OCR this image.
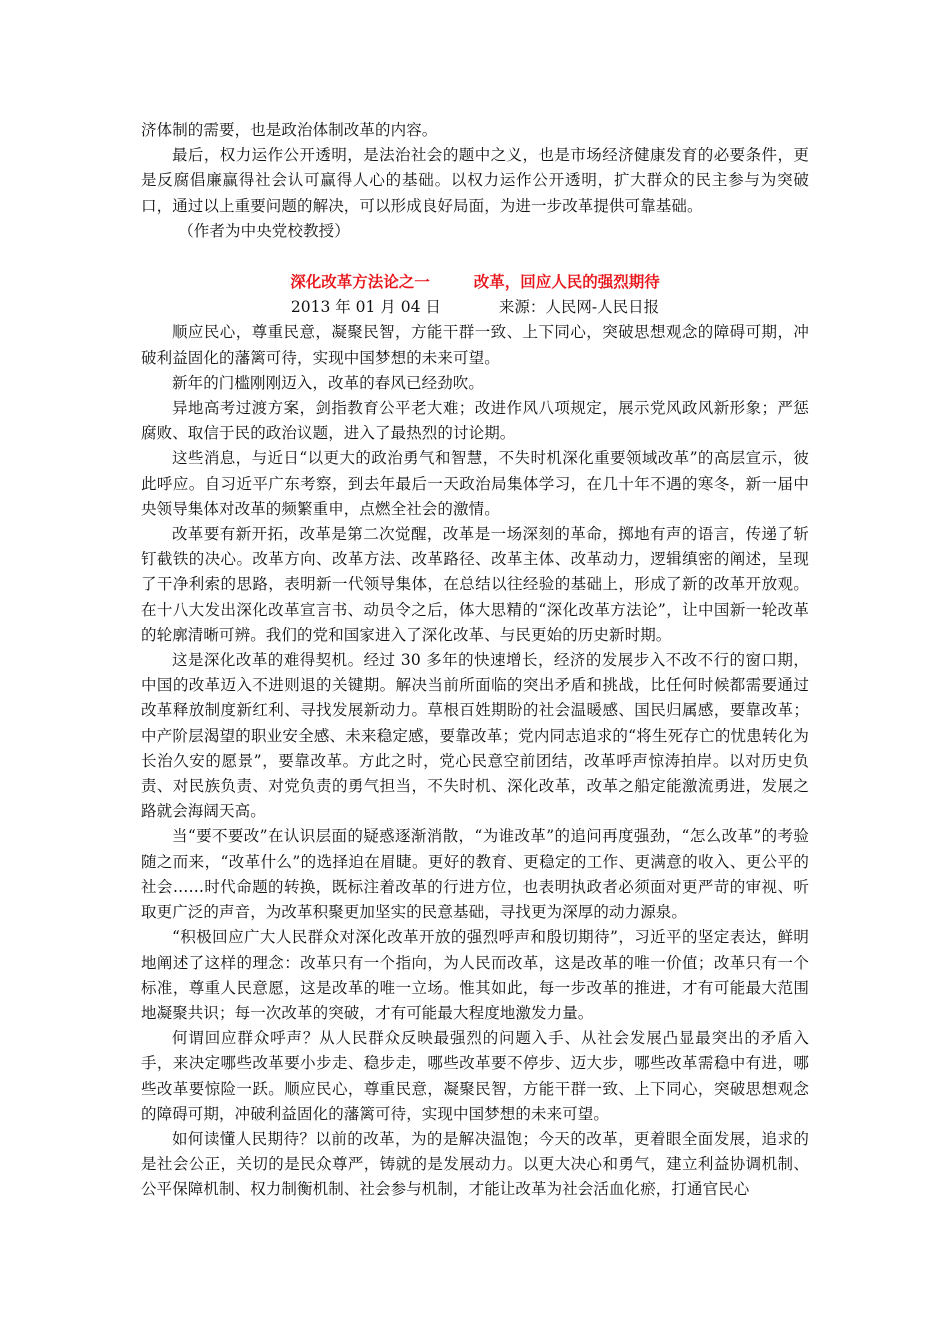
济体制的需要，也是政治体制改革的内容。

最后，权力运作公开透明，是法治社会的题中之义，也是市场经济健康发育的必要条件，更是反腐倡廉赢得社会认可赢得人心的基础。以权力运作公开透明，扩大群众的民主参与为突破口，通过以上重要问题的解决，可以形成良好局面，为进一步改革提供可靠基础。

（作者为中央党校教授）

深化改革方法论之一	改革，回应人民的强烈期待

2013 年 01 月 04 日	来源：人民网-人民日报

顺应民心，尊重民意，凝聚民智，方能干群一致、上下同心，突破思想观念的障碍可期，冲破利益固化的藩篱可待，实现中国梦想的未来可望。

新年的门槛刚刚迈入，改革的春风已经劲吹。

异地高考过渡方案，剑指教育公平老大难；改进作风八项规定，展示党风政风新形象；严惩腐败、取信于民的政治议题，进入了最热烈的讨论期。

这些消息，与近日“以更大的政治勇气和智慧，不失时机深化重要领域改革”的高层宣示，彼此呼应。自习近平广东考察，到去年最后一天政治局集体学习，在几十年不遇的寒冬，新一届中央领导集体对改革的频繁重申，点燃全社会的激情。

改革要有新开拓，改革是第二次觉醒，改革是一场深刻的革命，掷地有声的语言，传递了斩钉截铁的决心。改革方向、改革方法、改革路径、改革主体、改革动力，逻辑缜密的阐述，呈现了干净利索的思路，表明新一代领导集体，在总结以往经验的基础上，形成了新的改革开放观。在十八大发出深化改革宣言书、动员令之后，体大思精的“深化改革方法论”，让中国新一轮改革的轮廓清晰可辨。我们的党和国家进入了深化改革、与民更始的历史新时期。

这是深化改革的难得契机。经过 30 多年的快速增长，经济的发展步入不改不行的窗口期，中国的改革迈入不进则退的关键期。解决当前所面临的突出矛盾和挑战，比任何时候都需要通过改革释放制度新红利、寻找发展新动力。草根百姓期盼的社会温暖感、国民归属感，要靠改革；中产阶层渴望的职业安全感、未来稳定感，要靠改革；党内同志追求的“将生死存亡的忧患转化为长治久安的愿景”，要靠改革。方此之时，党心民意空前团结，改革呼声惊涛拍岸。以对历史负责、对民族负责、对党负责的勇气担当，不失时机、深化改革，改革之船定能激流勇进，发展之路就会海阔天高。

当“要不要改”在认识层面的疑惑逐渐消散，“为谁改革”的追问再度强劲，“怎么改革”的考验随之而来，“改革什么”的选择迫在眉睫。更好的教育、更稳定的工作、更满意的收入、更公平的社会……时代命题的转换，既标注着改革的行进方位，也表明执政者必须面对更严苛的审视、听取更广泛的声音，为改革积聚更加坚实的民意基础，寻找更为深厚的动力源泉。

“积极回应广大人民群众对深化改革开放的强烈呼声和殷切期待”，习近平的坚定表达，鲜明地阐述了这样的理念：改革只有一个指向，为人民而改革，这是改革的唯一价值；改革只有一个标准，尊重人民意愿，这是改革的唯一立场。惟其如此，每一步改革的推进，才有可能最大范围地凝聚共识；每一次改革的突破，才有可能最大程度地激发力量。

何谓回应群众呼声？从人民群众反映最强烈的问题入手、从社会发展凸显最突出的矛盾入手，来决定哪些改革要小步走、稳步走，哪些改革要不停步、迈大步，哪些改革需稳中有进，哪些改革要惊险一跃。顺应民心，尊重民意，凝聚民智，方能干群一致、上下同心，突破思想观念的障碍可期，冲破利益固化的藩篱可待，实现中国梦想的未来可望。

如何读懂人民期待？以前的改革，为的是解决温饱；今天的改革，更着眼全面发展，追求的是社会公正，关切的是民众尊严，铸就的是发展动力。以更大决心和勇气，建立利益协调机制、公平保障机制、权力制衡机制、社会参与机制，才能让改革为社会活血化瘀，打通官民心
